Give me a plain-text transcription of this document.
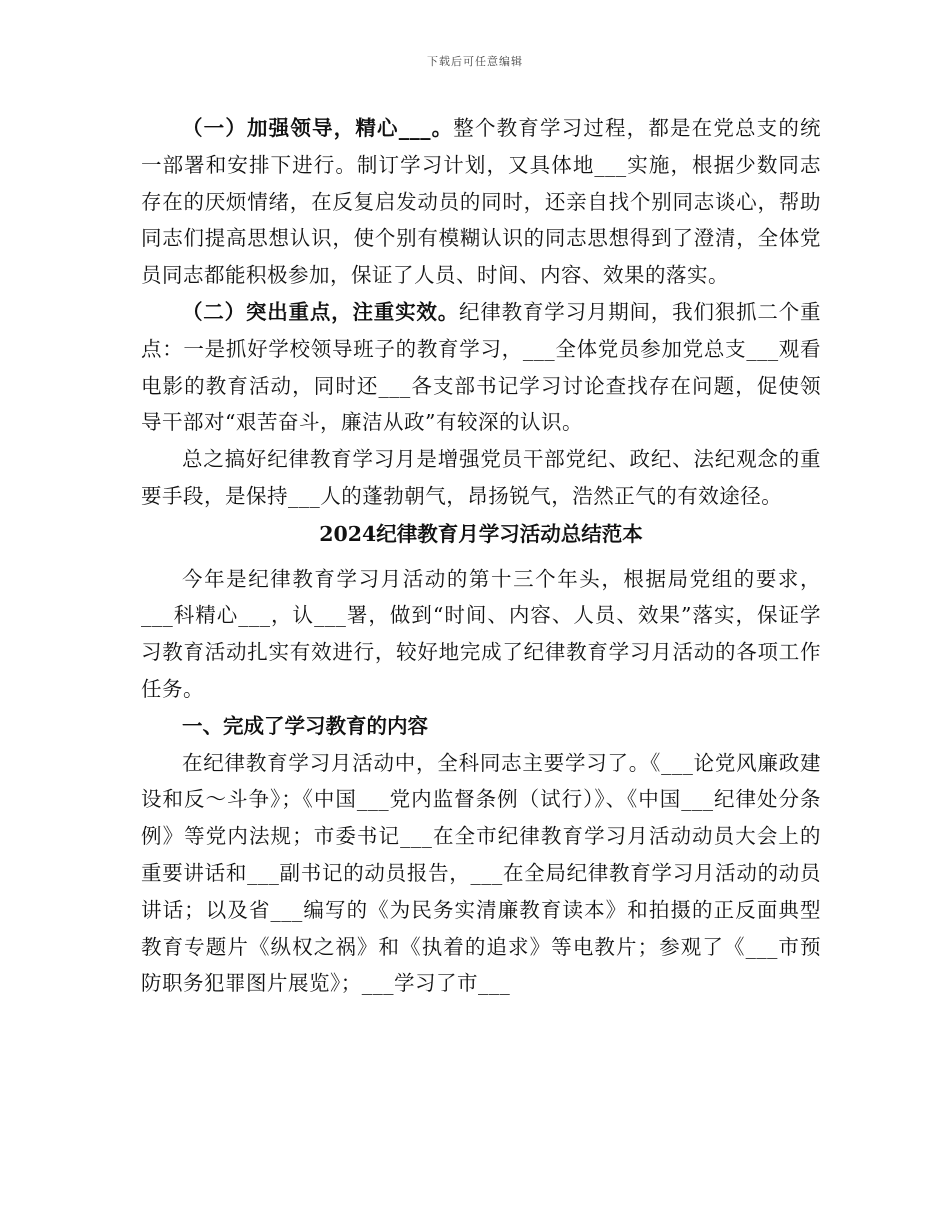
下载后可任意编辑

（一）加强领导，精心___。整个教育学习过程，都是在党总支的统一部署和安排下进行。制订学习计划，又具体地___实施，根据少数同志存在的厌烦情绪，在反复启发动员的同时，还亲自找个别同志谈心，帮助同志们提高思想认识，使个别有模糊认识的同志思想得到了澄清，全体党员同志都能积极参加，保证了人员、时间、内容、效果的落实。

（二）突出重点，注重实效。纪律教育学习月期间，我们狠抓二个重点：一是抓好学校领导班子的教育学习，___全体党员参加党总支___观看电影的教育活动，同时还___各支部书记学习讨论查找存在问题，促使领导干部对“艰苦奋斗，廉洁从政”有较深的认识。

总之搞好纪律教育学习月是增强党员干部党纪、政纪、法纪观念的重要手段，是保持___人的蓬勃朝气，昂扬锐气，浩然正气的有效途径。

2024纪律教育月学习活动总结范本

今年是纪律教育学习月活动的第十三个年头，根据局党组的要求，___科精心___，认___署，做到“时间、内容、人员、效果”落实，保证学习教育活动扎实有效进行，较好地完成了纪律教育学习月活动的各项工作任务。

一、完成了学习教育的内容

在纪律教育学习月活动中，全科同志主要学习了。《___论党风廉政建设和反～斗争》；《中国___党内监督条例（试行）》、《中国___纪律处分条例》等党内法规；市委书记___在全市纪律教育学习月活动动员大会上的重要讲话和___副书记的动员报告，___在全局纪律教育学习月活动的动员讲话；以及省___编写的《为民务实清廉教育读本》和拍摄的正反面典型教育专题片《纵权之祸》和《执着的追求》等电教片；参观了《___市预防职务犯罪图片展览》；___学习了市___
